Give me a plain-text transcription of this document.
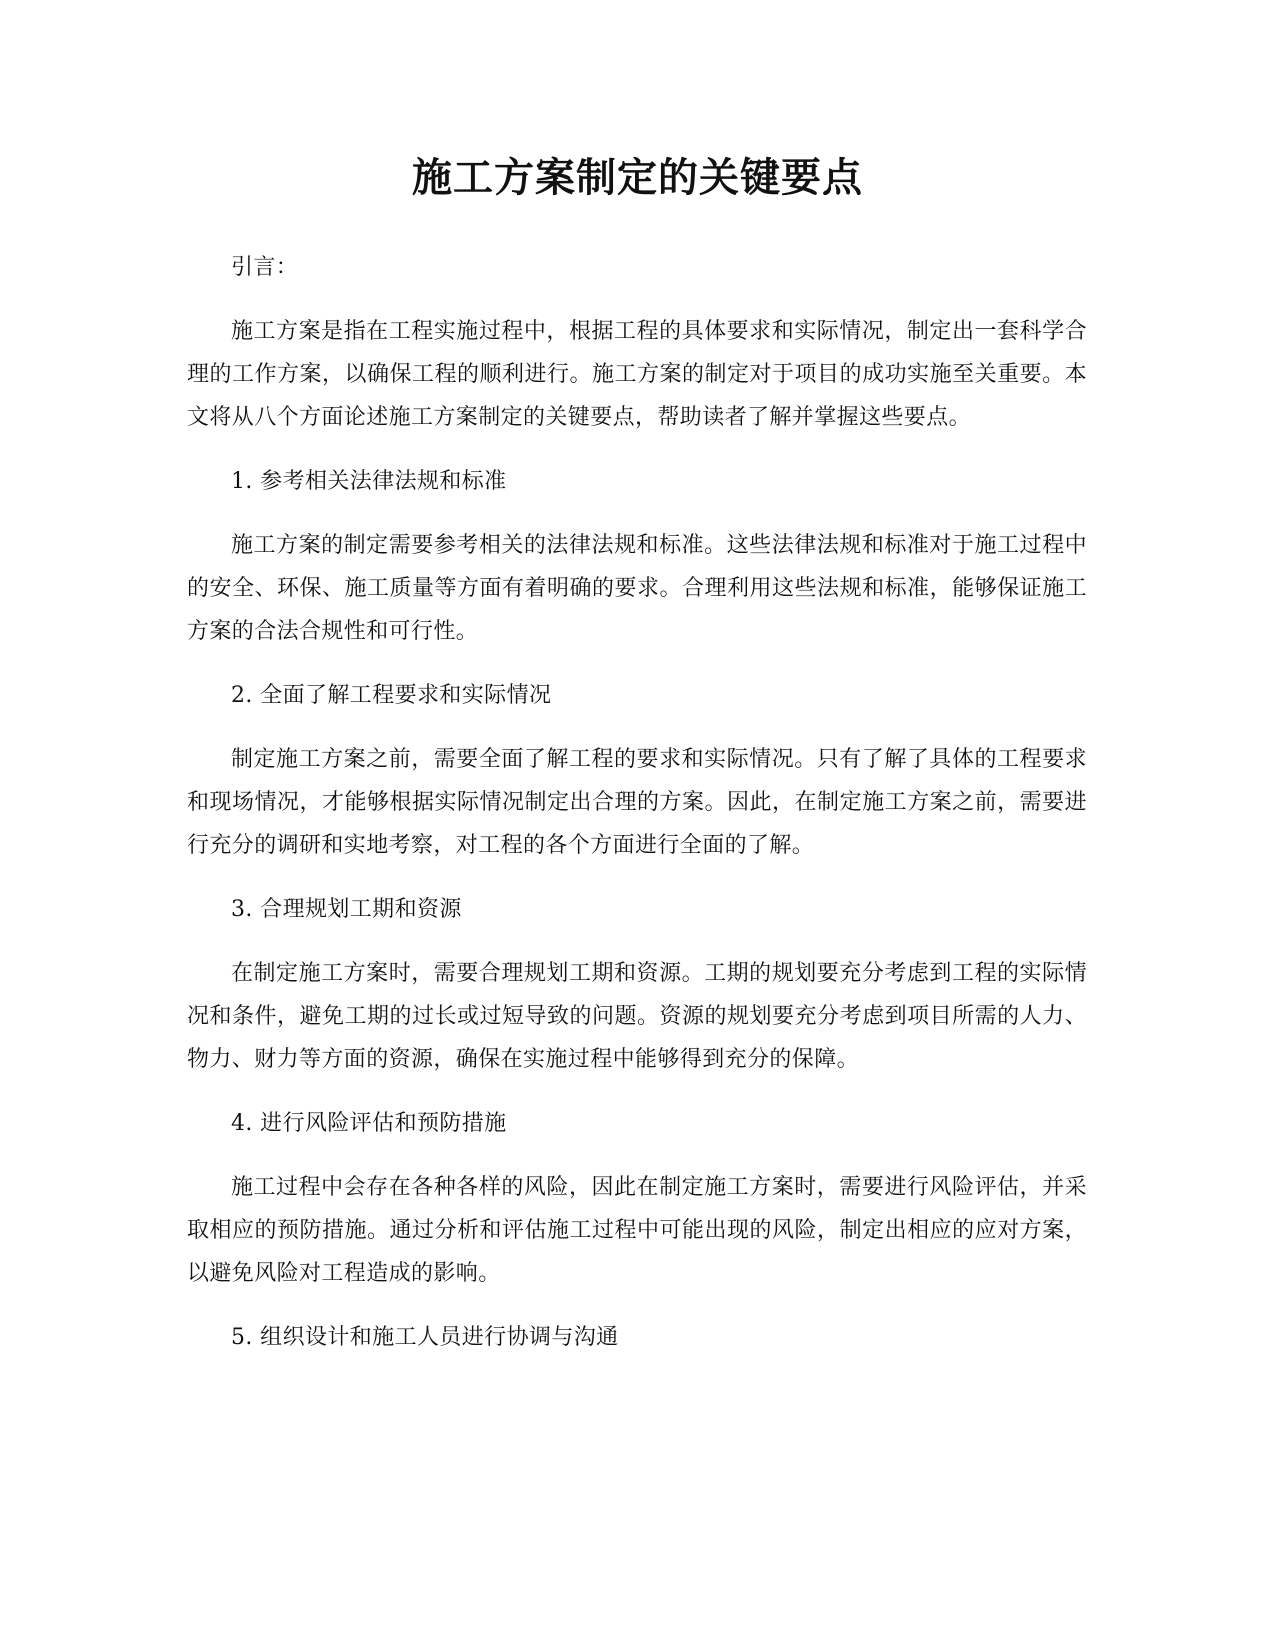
施工方案制定的关键要点

引言：

施工方案是指在工程实施过程中，根据工程的具体要求和实际情况，制定出一套科学合理的工作方案，以确保工程的顺利进行。施工方案的制定对于项目的成功实施至关重要。本文将从八个方面论述施工方案制定的关键要点，帮助读者了解并掌握这些要点。

1. 参考相关法律法规和标准

施工方案的制定需要参考相关的法律法规和标准。这些法律法规和标准对于施工过程中的安全、环保、施工质量等方面有着明确的要求。合理利用这些法规和标准，能够保证施工方案的合法合规性和可行性。

2. 全面了解工程要求和实际情况

制定施工方案之前，需要全面了解工程的要求和实际情况。只有了解了具体的工程要求和现场情况，才能够根据实际情况制定出合理的方案。因此，在制定施工方案之前，需要进行充分的调研和实地考察，对工程的各个方面进行全面的了解。

3. 合理规划工期和资源

在制定施工方案时，需要合理规划工期和资源。工期的规划要充分考虑到工程的实际情况和条件，避免工期的过长或过短导致的问题。资源的规划要充分考虑到项目所需的人力、物力、财力等方面的资源，确保在实施过程中能够得到充分的保障。

4. 进行风险评估和预防措施

施工过程中会存在各种各样的风险，因此在制定施工方案时，需要进行风险评估，并采取相应的预防措施。通过分析和评估施工过程中可能出现的风险，制定出相应的应对方案，以避免风险对工程造成的影响。

5. 组织设计和施工人员进行协调与沟通
